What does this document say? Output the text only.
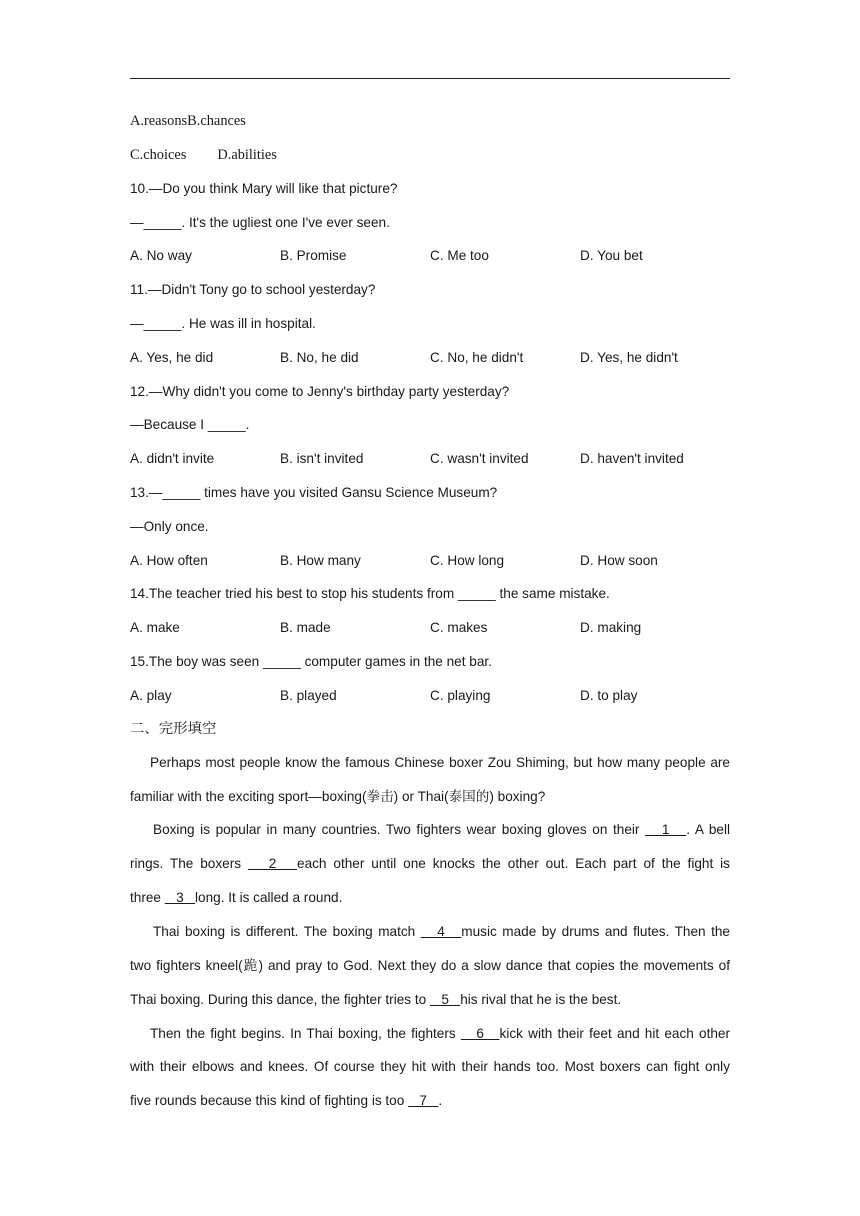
A.reasonsB.chances
C.choices D.abilities
10.—Do you think Mary will like that picture?
—_____. It's the ugliest one I've ever seen.
A. No way	B. Promise	C. Me too	D. You bet
11.—Didn't Tony go to school yesterday?
—_____. He was ill in hospital.
A. Yes, he did	B. No, he did	C. No, he didn't	D. Yes, he didn't
12.—Why didn't you come to Jenny's birthday party yesterday?
—Because I _____.
A. didn't invite	B. isn't invited	C. wasn't invited	D. haven't invited
13.—_____ times have you visited Gansu Science Museum?
—Only once.
A. How often	B. How many	C. How long	D. How soon
14.The teacher tried his best to stop his students from _____ the same mistake.
A. make	B. made	C. makes	D. making
15.The boy was seen _____ computer games in the net bar.
A. play	B. played	C. playing	D. to play
二、完形填空
Perhaps most people know the famous Chinese boxer Zou Shiming, but how many people are
familiar with the exciting sport—boxing(拳击) or Thai(泰国的) boxing?
Boxing is popular in many countries. Two fighters wear boxing gloves on their    1   . A bell
rings. The boxers    2   each other until one knocks the other out. Each part of the fight is
three    3   long. It is called a round.
Thai boxing is different. The boxing match    4   music made by drums and flutes. Then the
two fighters kneel(跪) and pray to God. Next they do a slow dance that copies the movements of
Thai boxing. During this dance, the fighter tries to    5   his rival that he is the best.
Then the fight begins. In Thai boxing, the fighters    6   kick with their feet and hit each other
with their elbows and knees. Of course they hit with their hands too. Most boxers can fight only
five rounds because this kind of fighting is too    7   .
